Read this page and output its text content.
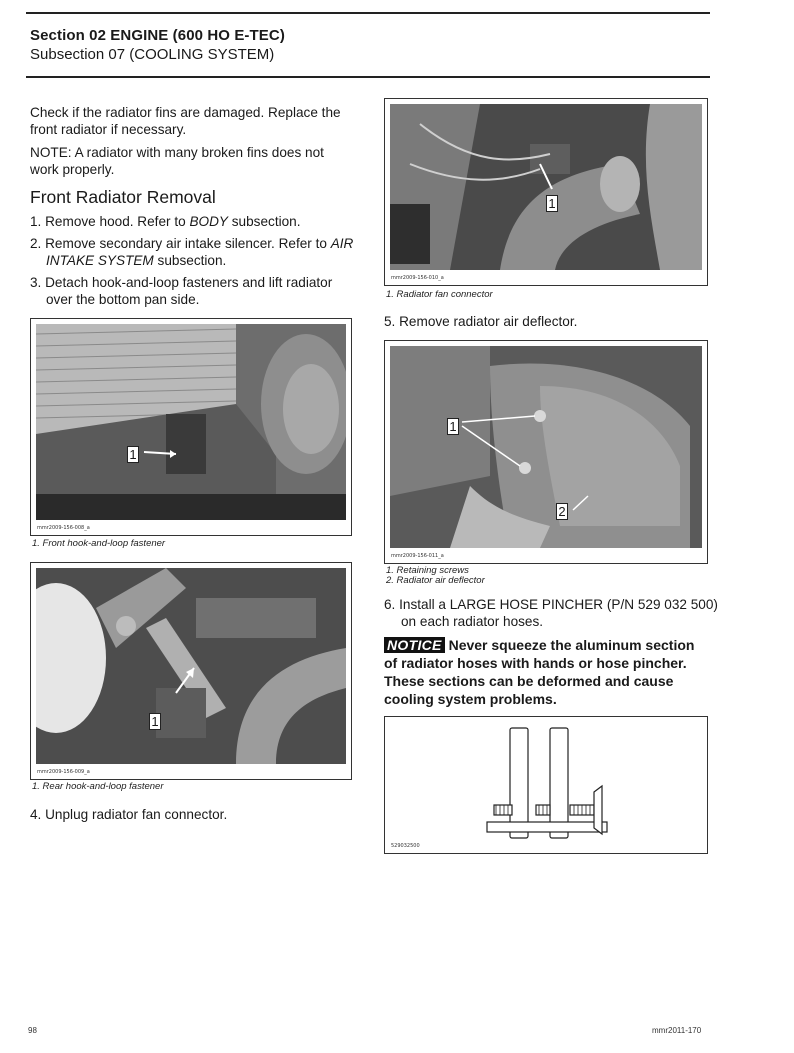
Section 02 ENGINE (600 HO E-TEC)
Subsection 07 (COOLING SYSTEM)

Check if the radiator fins are damaged. Replace the front radiator if necessary.

NOTE: A radiator with many broken fins does not work properly.

Front Radiator Removal
1. Remove hood. Refer to BODY subsection.
2. Remove secondary air intake silencer. Refer to AIR INTAKE SYSTEM subsection.
3. Detach hook-and-loop fasteners and lift radiator over the bottom pan side.
1
mmr2009-156-008_a
1. Front hook-and-loop fastener
1
mmr2009-156-009_a
1. Rear hook-and-loop fastener
4. Unplug radiator fan connector.
1
mmr2009-156-010_a
1. Radiator fan connector
5. Remove radiator air deflector.
1
2
mmr2009-156-011_a
1. Retaining screws
2. Radiator air deflector
6. Install a LARGE HOSE PINCHER (P/N 529 032 500) on each radiator hoses.
NOTICE Never squeeze the aluminum section of radiator hoses with hands or hose pincher. These sections can be deformed and cause cooling system problems.
529032500
98	mmr2011-170
